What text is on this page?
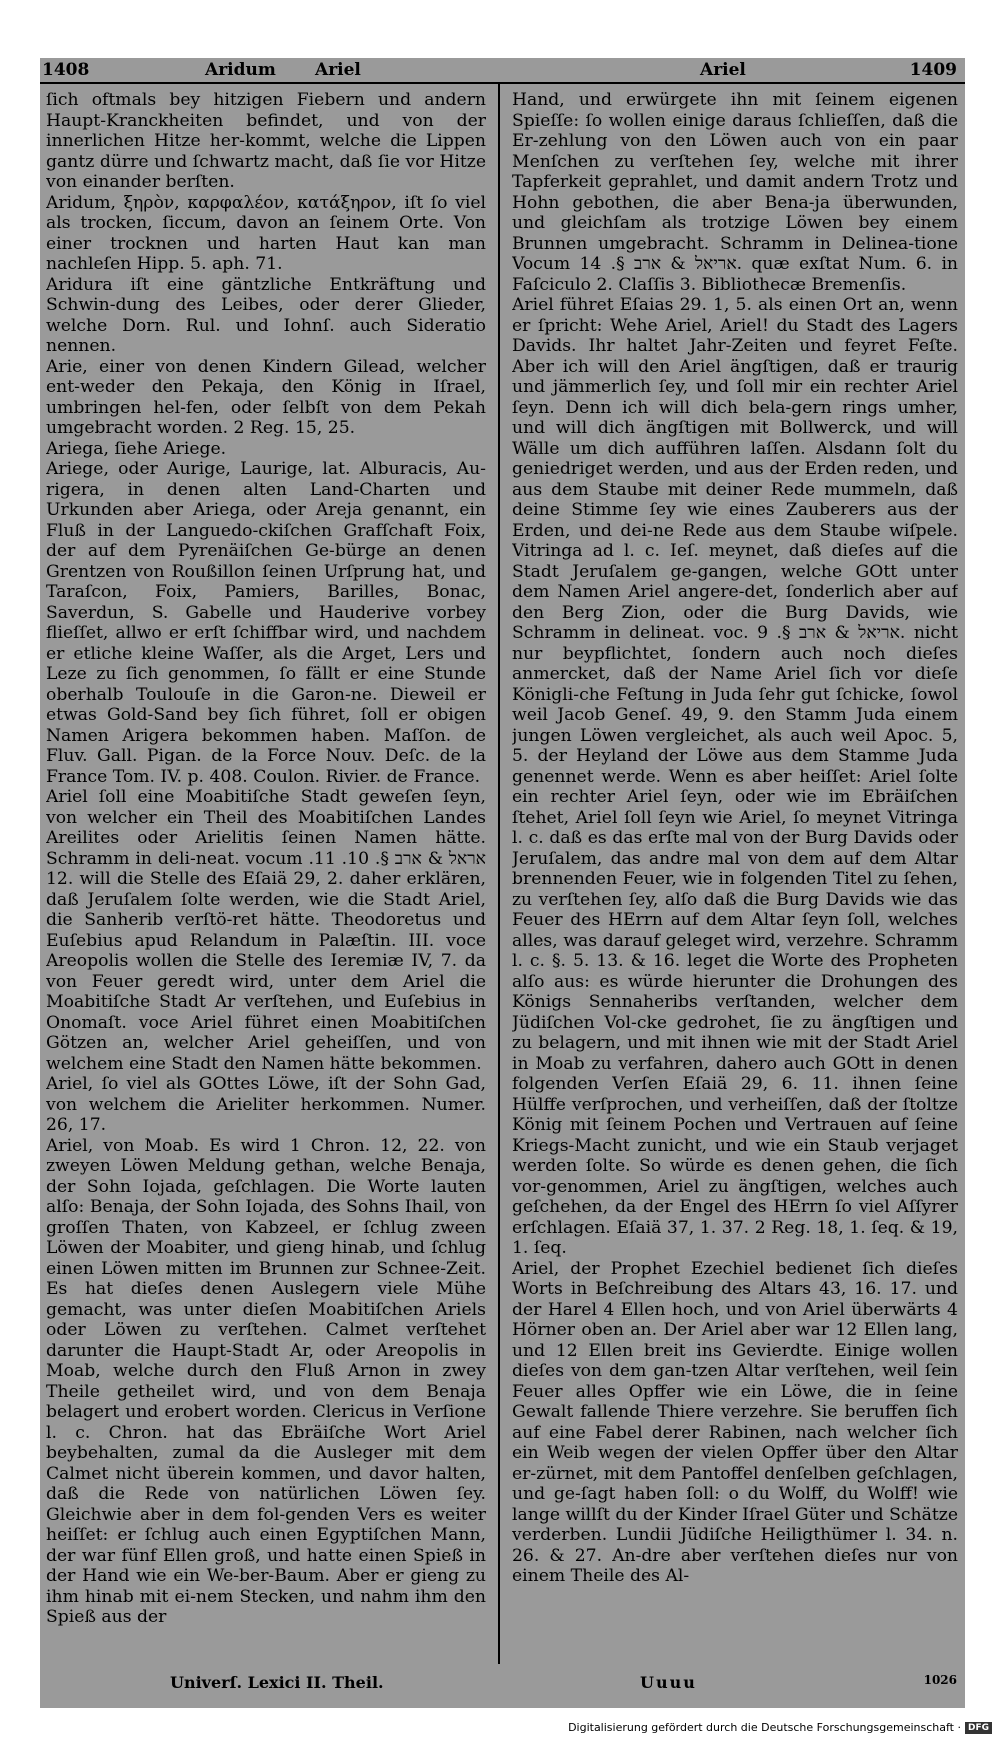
1408	Aridum Ariel	Ariel	1409

ſich oftmals bey hitzigen Fiebern und andern Haupt-Kranckheiten befindet, und von der innerlichen Hitze her-kommt, welche die Lippen gantz dürre und ſchwartz macht, daß ſie vor Hitze von einander berſten.

Aridum, ξηρὸν, καρφαλέον, κατάξηρον, iſt ſo viel als trocken, ſiccum, davon an ſeinem Orte. Von einer trocknen und harten Haut kan man nachleſen Hipp. 5. aph. 71.

Aridura iſt eine gäntzliche Entkräftung und Schwin-dung des Leibes, oder derer Glieder, welche Dorn. Rul. und Iohnſ. auch Sideratio nennen.

Arie, einer von denen Kindern Gilead, welcher ent-weder den Pekaja, den König in Iſrael, umbringen hel-fen, oder ſelbſt von dem Pekah umgebracht worden. 2 Reg. 15, 25.

Ariega, ſiehe Ariege.

Ariege, oder Aurige, Laurige, lat. Alburacis, Au-rigera, in denen alten Land-Charten und Urkunden aber Ariega, oder Areja genannt, ein Fluß in der Languedo-ckiſchen Grafſchaft Foix, der auf dem Pyrenäiſchen Ge-bürge an denen Grentzen von Roußillon ſeinen Urſprung hat, und Taraſcon, Foix, Pamiers, Barilles, Bonac, Saverdun, S. Gabelle und Hauderive vorbey flieſſet, allwo er erſt ſchiffbar wird, und nachdem er etliche kleine Waſſer, als die Arget, Lers und Leze zu ſich genommen, ſo fällt er eine Stunde oberhalb Toulouſe in die Garon-ne. Dieweil er etwas Gold-Sand bey ſich führet, ſoll er obigen Namen Arigera bekommen haben. Maſſon. de Fluv. Gall. Pigan. de la Force Nouv. Deſc. de la France Tom. IV. p. 408. Coulon. Rivier. de France.

Ariel ſoll eine Moabitiſche Stadt geweſen ſeyn, von welcher ein Theil des Moabitiſchen Landes Areilites oder Arielitis ſeinen Namen hätte. Schramm in deli-neat. vocum אראל & ארב §. 10. 11. 12. will die Stelle des Eſaiä 29, 2. daher erklären, daß Jeruſalem ſolte werden, wie die Stadt Ariel, die Sanherib verſtö-ret hätte. Theodoretus und Euſebius apud Relandum in Palæſtin. III. voce Areopolis wollen die Stelle des Ieremiæ IV, 7. da von Feuer geredt wird, unter dem Ariel die Moabitiſche Stadt Ar verſtehen, und Euſebius in Onomaſt. voce Ariel führet einen Moabitiſchen Götzen an, welcher Ariel geheiſſen, und von welchem eine Stadt den Namen hätte bekommen.

Ariel, ſo viel als GOttes Löwe, iſt der Sohn Gad, von welchem die Arieliter herkommen. Numer. 26, 17.

Ariel, von Moab. Es wird 1 Chron. 12, 22. von zweyen Löwen Meldung gethan, welche Benaja, der Sohn Iojada, geſchlagen. Die Worte lauten alſo: Benaja, der Sohn Iojada, des Sohns Ihail, von groſſen Thaten, von Kabzeel, er ſchlug zween Löwen der Moabiter, und gieng hinab, und ſchlug einen Löwen mitten im Brunnen zur Schnee-Zeit. Es hat dieſes denen Auslegern viele Mühe gemacht, was unter dieſen Moabitiſchen Ariels oder Löwen zu verſtehen. Calmet verſtehet darunter die Haupt-Stadt Ar, oder Areopolis in Moab, welche durch den Fluß Arnon in zwey Theile getheilet wird, und von dem Benaja belagert und erobert worden. Clericus in Verſione l. c. Chron. hat das Ebräiſche Wort Ariel beybehalten, zumal da die Ausleger mit dem Calmet nicht überein kommen, und davor halten, daß die Rede von natürlichen Löwen ſey. Gleichwie aber in dem fol-genden Vers es weiter heiſſet: er ſchlug auch einen Egyptiſchen Mann, der war fünf Ellen groß, und hatte einen Spieß in der Hand wie ein We-ber-Baum. Aber er gieng zu ihm hinab mit ei-nem Stecken, und nahm ihm den Spieß aus der

Hand, und erwürgete ihn mit ſeinem eigenen Spieſſe: ſo wollen einige daraus ſchlieſſen, daß die Er-zehlung von den Löwen auch von ein paar Menſchen zu verſtehen ſey, welche mit ihrer Tapferkeit geprahlet, und damit andern Trotz und Hohn gebothen, die aber Bena-ja überwunden, und gleichſam als trotzige Löwen bey einem Brunnen umgebracht. Schramm in Delinea-tione Vocum אריאל & ארב §. 14. quæ exſtat Num. 6. in Faſciculo 2. Claſſis 3. Bibliothecæ Bremenſis.

Ariel führet Eſaias 29. 1, 5. als einen Ort an, wenn er ſpricht: Wehe Ariel, Ariel! du Stadt des Lagers Davids. Ihr haltet Jahr-Zeiten und feyret Feſte. Aber ich will den Ariel ängſtigen, daß er traurig und jämmerlich ſey, und ſoll mir ein rechter Ariel ſeyn. Denn ich will dich bela-gern rings umher, und will dich ängſtigen mit Bollwerck, und will Wälle um dich aufführen laſſen. Alsdann ſolt du geniedriget werden, und aus der Erden reden, und aus dem Staube mit deiner Rede mummeln, daß deine Stimme ſey wie eines Zauberers aus der Erden, und dei-ne Rede aus dem Staube wiſpele. Vitringa ad l. c. Ieſ. meynet, daß dieſes auf die Stadt Jeruſalem ge-gangen, welche GOtt unter dem Namen Ariel angere-det, ſonderlich aber auf den Berg Zion, oder die Burg Davids, wie Schramm in delineat. voc. אריאל & ארב §. 9. nicht nur beypflichtet, ſondern auch noch dieſes anmercket, daß der Name Ariel ſich vor dieſe Königli-che Feſtung in Juda ſehr gut ſchicke, ſowol weil Jacob Geneſ. 49, 9. den Stamm Juda einem jungen Löwen vergleichet, als auch weil Apoc. 5, 5. der Heyland der Löwe aus dem Stamme Juda genennet werde. Wenn es aber heiſſet: Ariel ſolte ein rechter Ariel ſeyn, oder wie im Ebräiſchen ſtehet, Ariel ſoll ſeyn wie Ariel, ſo meynet Vitringa l. c. daß es das erſte mal von der Burg Davids oder Jeruſalem, das andre mal von dem auf dem Altar brennenden Feuer, wie in folgenden Titel zu ſehen, zu verſtehen ſey, alſo daß die Burg Davids wie das Feuer des HErrn auf dem Altar ſeyn ſoll, welches alles, was darauf geleget wird, verzehre. Schramm l. c. §. 5. 13. & 16. leget die Worte des Propheten alſo aus: es würde hierunter die Drohungen des Königs Sennaheribs verſtanden, welcher dem Jüdiſchen Vol-cke gedrohet, ſie zu ängſtigen und zu belagern, und mit ihnen wie mit der Stadt Ariel in Moab zu verfahren, dahero auch GOtt in denen folgenden Verſen Eſaiä 29, 6. 11. ihnen ſeine Hülffe verſprochen, und verheiſſen, daß der ſtoltze König mit ſeinem Pochen und Vertrauen auf ſeine Kriegs-Macht zunicht, und wie ein Staub verjaget werden ſolte. So würde es denen gehen, die ſich vor-genommen, Ariel zu ängſtigen, welches auch geſchehen, da der Engel des HErrn ſo viel Aſſyrer erſchlagen. Eſaiä 37, 1. 37. 2 Reg. 18, 1. ſeq. & 19, 1. ſeq.

Ariel, der Prophet Ezechiel bedienet ſich dieſes Worts in Beſchreibung des Altars 43, 16. 17. und der Harel 4 Ellen hoch, und von Ariel überwärts 4 Hörner oben an. Der Ariel aber war 12 Ellen lang, und 12 Ellen breit ins Gevierdte. Einige wollen dieſes von dem gan-tzen Altar verſtehen, weil ſein Feuer alles Opffer wie ein Löwe, die in ſeine Gewalt fallende Thiere verzehre. Sie beruffen ſich auf eine Fabel derer Rabinen, nach welcher ſich ein Weib wegen der vielen Opffer über den Altar er-zürnet, mit dem Pantoffel denſelben geſchlagen, und ge-ſagt haben ſoll: o du Wolff, du Wolff! wie lange willſt du der Kinder Iſrael Güter und Schätze verderben. Lundii Jüdiſche Heiligthümer l. 34. n. 26. & 27. An-dre aber verſtehen dieſes nur von einem Theile des Al-

Univerſ. Lexici II. Theil.	Uuuu	1026
Digitalisierung gefördert durch die Deutsche Forschungsgemeinschaft · DFG
